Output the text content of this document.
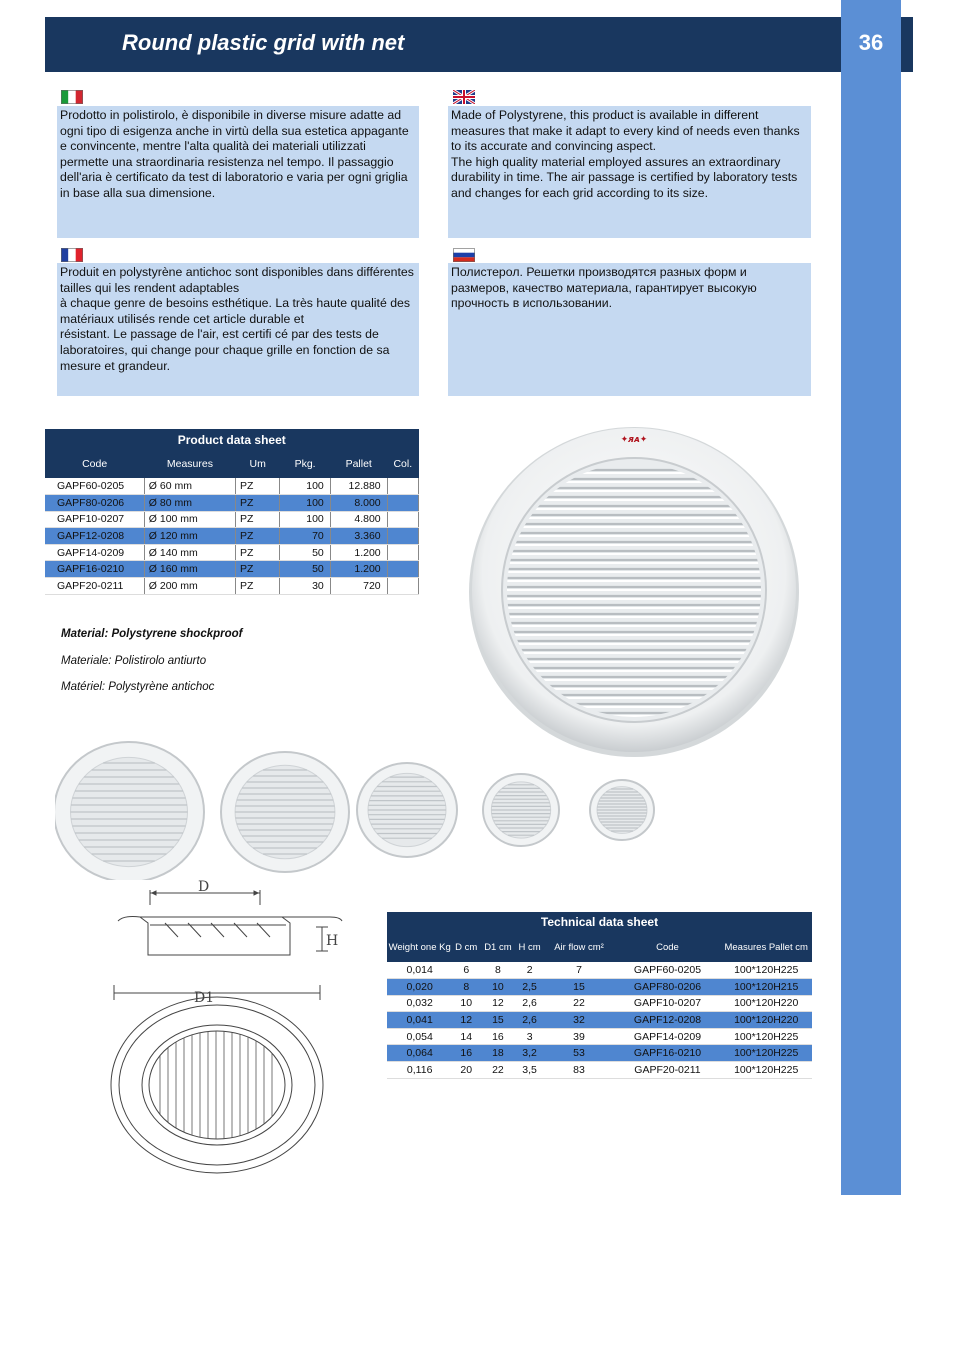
Round plastic grid with net	36
Prodotto in polistirolo, è disponibile in diverse misure adatte ad ogni tipo di esigenza anche in virtù della sua estetica appagante e convincente, mentre l'alta qualità dei materiali utilizzati permette una straordinaria resistenza nel tempo. Il passaggio dell'aria è certificato da test di laboratorio e varia per ogni griglia in base alla sua dimensione.
Made of Polystyrene, this product is available in different measures that make it adapt to every kind of needs even thanks to its accurate and convincing aspect.
The high quality material employed assures an extraordinary durability in time. The air passage is certified by laboratory tests and changes for each grid according to its size.
Produit en polystyrène antichoc sont disponibles dans différentes tailles qui les rendent adaptables
à chaque genre de besoins esthétique. La très haute qualité des matériaux utilisés rende cet article durable et
résistant. Le passage de l'air, est certifi cé par des tests de laboratoires, qui change pour chaque grille en fonction de sa mesure et grandeur.
Полистерол. Решетки производятся разных форм и размеров, качество материала, гарантирует высокую прочность в использовании.
Product data sheet					
Code	Measures	Um	Pkg.	Pallet	Col.
GAPF60-0205	Ø 60 mm	PZ	100	12.880	
GAPF80-0206	Ø 80 mm	PZ	100	8.000	
GAPF10-0207	Ø 100 mm	PZ	100	4.800	
GAPF12-0208	Ø 120 mm	PZ	70	3.360	
GAPF14-0209	Ø 140 mm	PZ	50	1.200	
GAPF16-0210	Ø 160 mm	PZ	50	1.200	
GAPF20-0211	Ø 200 mm	PZ	30	720	
Material: Polystyrene shockproof
Materiale: Polistirolo antiurto
Matériel: Polystyrène antichoc
✦ᴙᴀ✦
D
H
D1
Technical data sheet						
Weight one Kg	D cm	D1 cm	H cm	Air flow cm²	Code	Measures Pallet cm
0,014	6	8	2	7	GAPF60-0205	100*120H225
0,020	8	10	2,5	15	GAPF80-0206	100*120H215
0,032	10	12	2,6	22	GAPF10-0207	100*120H220
0,041	12	15	2,6	32	GAPF12-0208	100*120H220
0,054	14	16	3	39	GAPF14-0209	100*120H225
0,064	16	18	3,2	53	GAPF16-0210	100*120H225
0,116	20	22	3,5	83	GAPF20-0211	100*120H225
